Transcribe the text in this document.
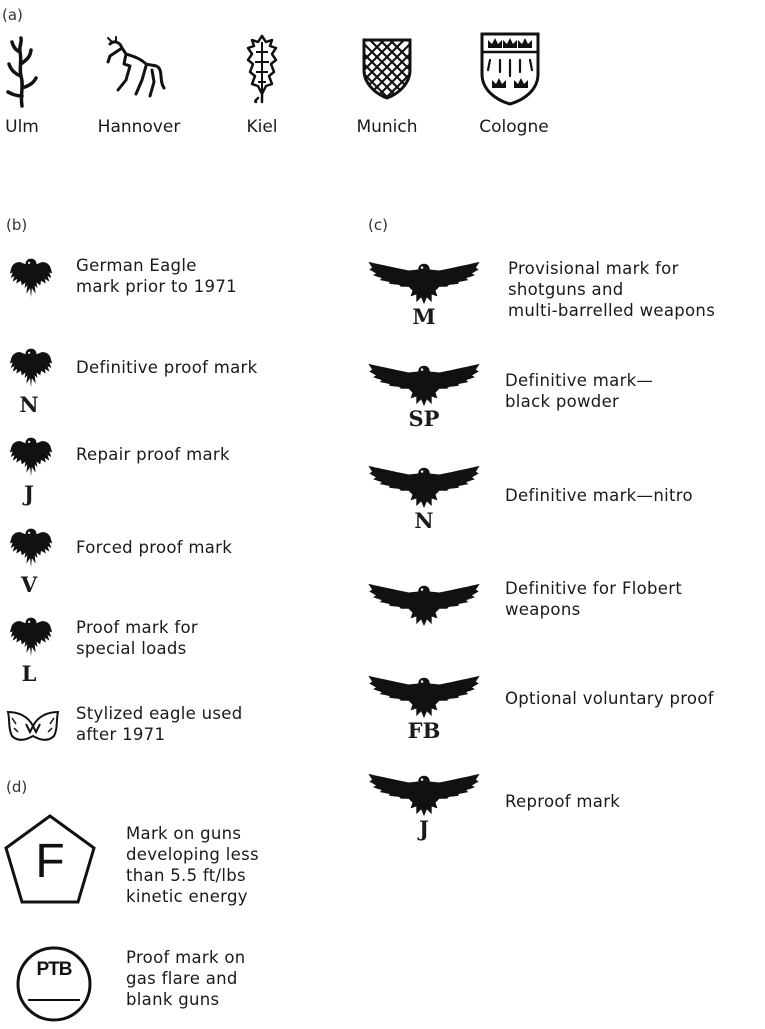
(a)
Ulm	Hannover	Kiel	Munich	Cologne
(b)
German Eagle
mark prior to 1971
N
Definitive proof mark
J
Repair proof mark
V
Forced proof mark
L
Proof mark for
special loads
Stylized eagle used
after 1971
(c)
M
Provisional mark for
shotguns and
multi-barrelled weapons
SP
Definitive mark—
black powder
N
Definitive mark—nitro
Definitive for Flobert
weapons
FB
Optional voluntary proof
J
Reproof mark
(d)
F
Mark on guns
developing less
than 5.5 ft/lbs
kinetic energy
PTB
Proof mark on
gas flare and
blank guns
